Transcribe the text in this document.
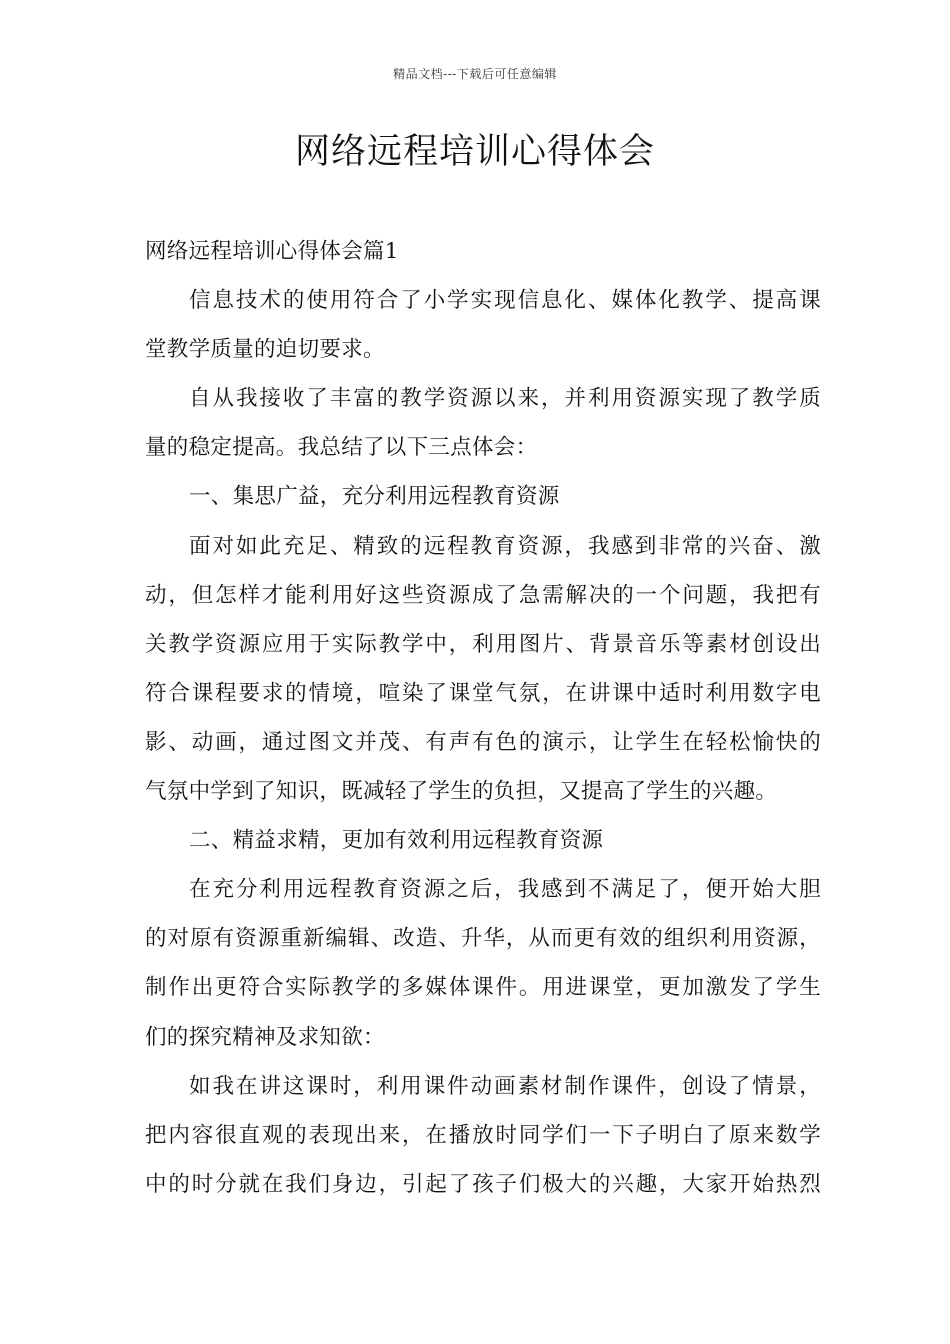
精品文档---下载后可任意编辑
网络远程培训心得体会
网络远程培训心得体会篇1
信息技术的使用符合了小学实现信息化、媒体化教学、提高课
堂教学质量的迫切要求。
自从我接收了丰富的教学资源以来，并利用资源实现了教学质
量的稳定提高。我总结了以下三点体会：
一、集思广益，充分利用远程教育资源
面对如此充足、精致的远程教育资源，我感到非常的兴奋、激
动，但怎样才能利用好这些资源成了急需解决的一个问题，我把有
关教学资源应用于实际教学中，利用图片、背景音乐等素材创设出
符合课程要求的情境，喧染了课堂气氛，在讲课中适时利用数字电
影、动画，通过图文并茂、有声有色的演示，让学生在轻松愉快的
气氛中学到了知识，既减轻了学生的负担，又提高了学生的兴趣。
二、精益求精，更加有效利用远程教育资源
在充分利用远程教育资源之后，我感到不满足了，便开始大胆
的对原有资源重新编辑、改造、升华，从而更有效的组织利用资源，
制作出更符合实际教学的多媒体课件。用进课堂，更加激发了学生
们的探究精神及求知欲：
如我在讲这课时，利用课件动画素材制作课件，创设了情景，
把内容很直观的表现出来，在播放时同学们一下子明白了原来数学
中的时分就在我们身边，引起了孩子们极大的兴趣，大家开始热烈
